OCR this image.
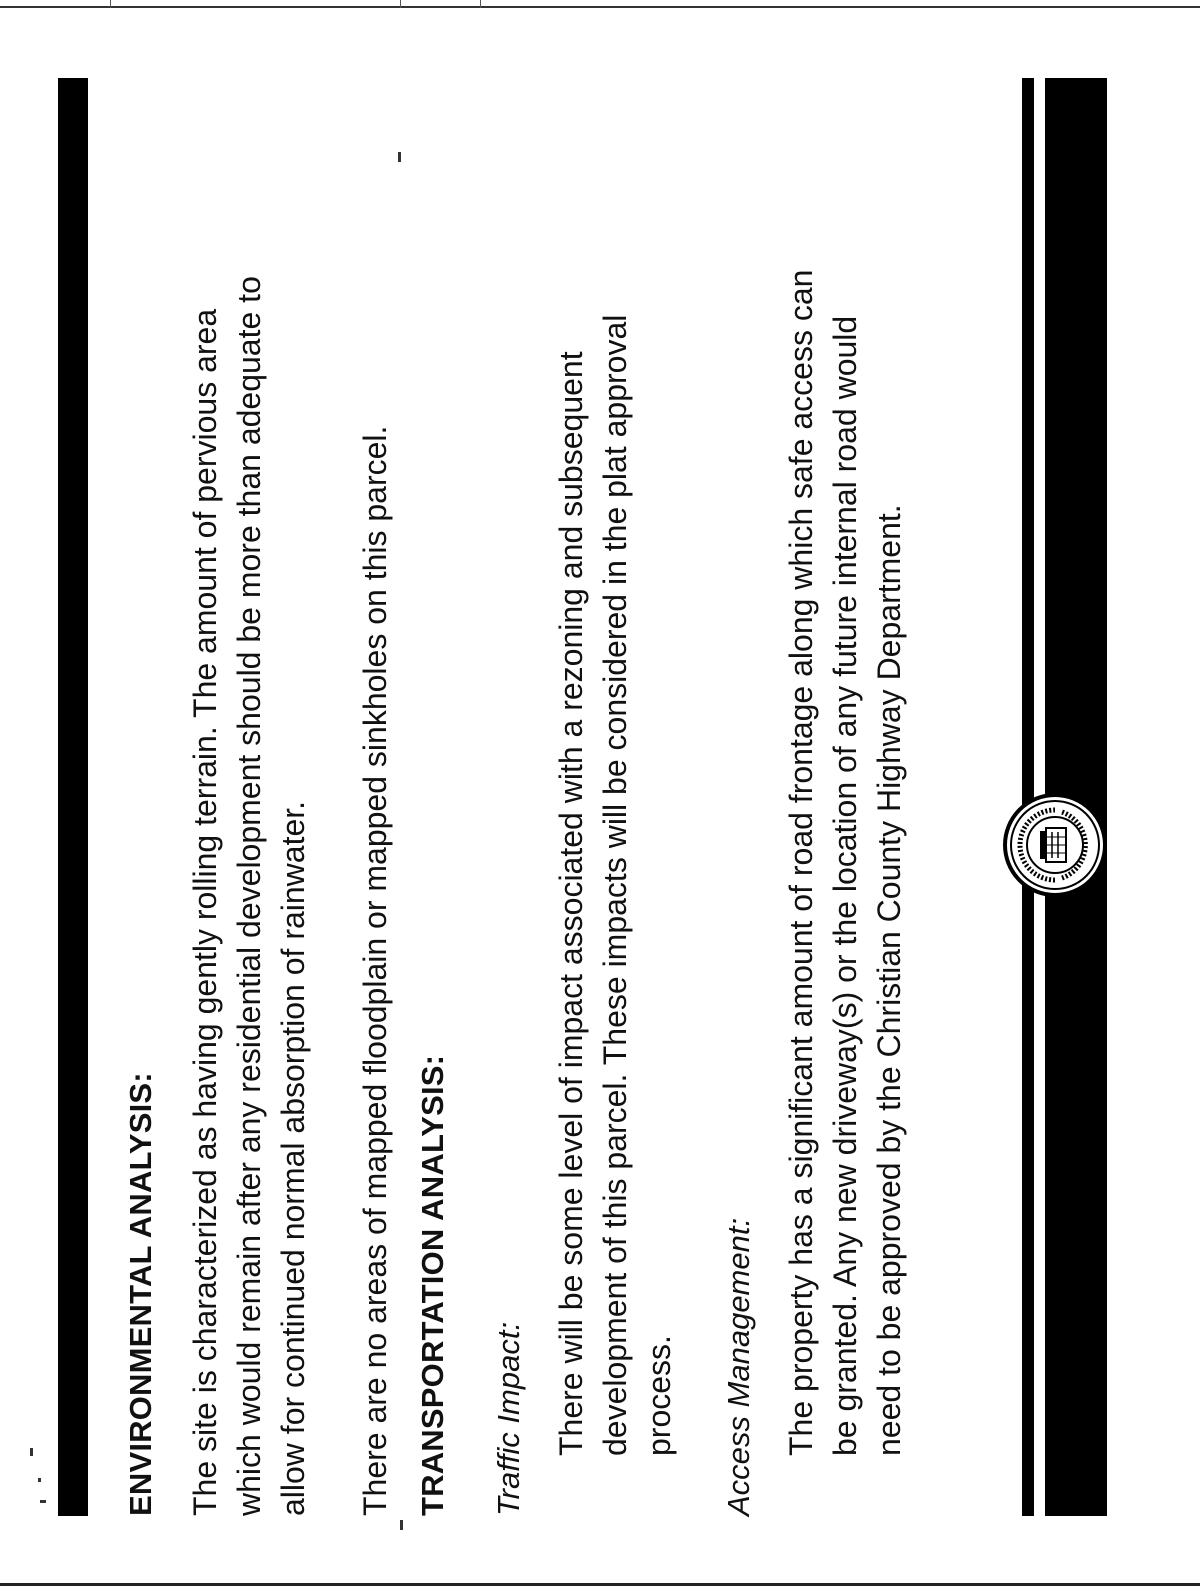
ENVIRONMENTAL ANALYSIS: The site is characterized as having gently rolling terrain. The amount of pervious area which would remain after any residential development should be more than adequate to allow for continued normal absorption of rainwater. There are no areas of mapped floodplain or mapped sinkholes on this parcel. TRANSPORTATION ANALYSIS: Traffic Impact: There will be some level of impact associated with a rezoning and subsequent development of this parcel. These impacts will be considered in the plat approval process. Access Management: The property has a significant amount of road frontage along which safe access can be granted. Any new driveway(s) or the location of any future internal road would need to be approved by the Christian County Highway Department.
